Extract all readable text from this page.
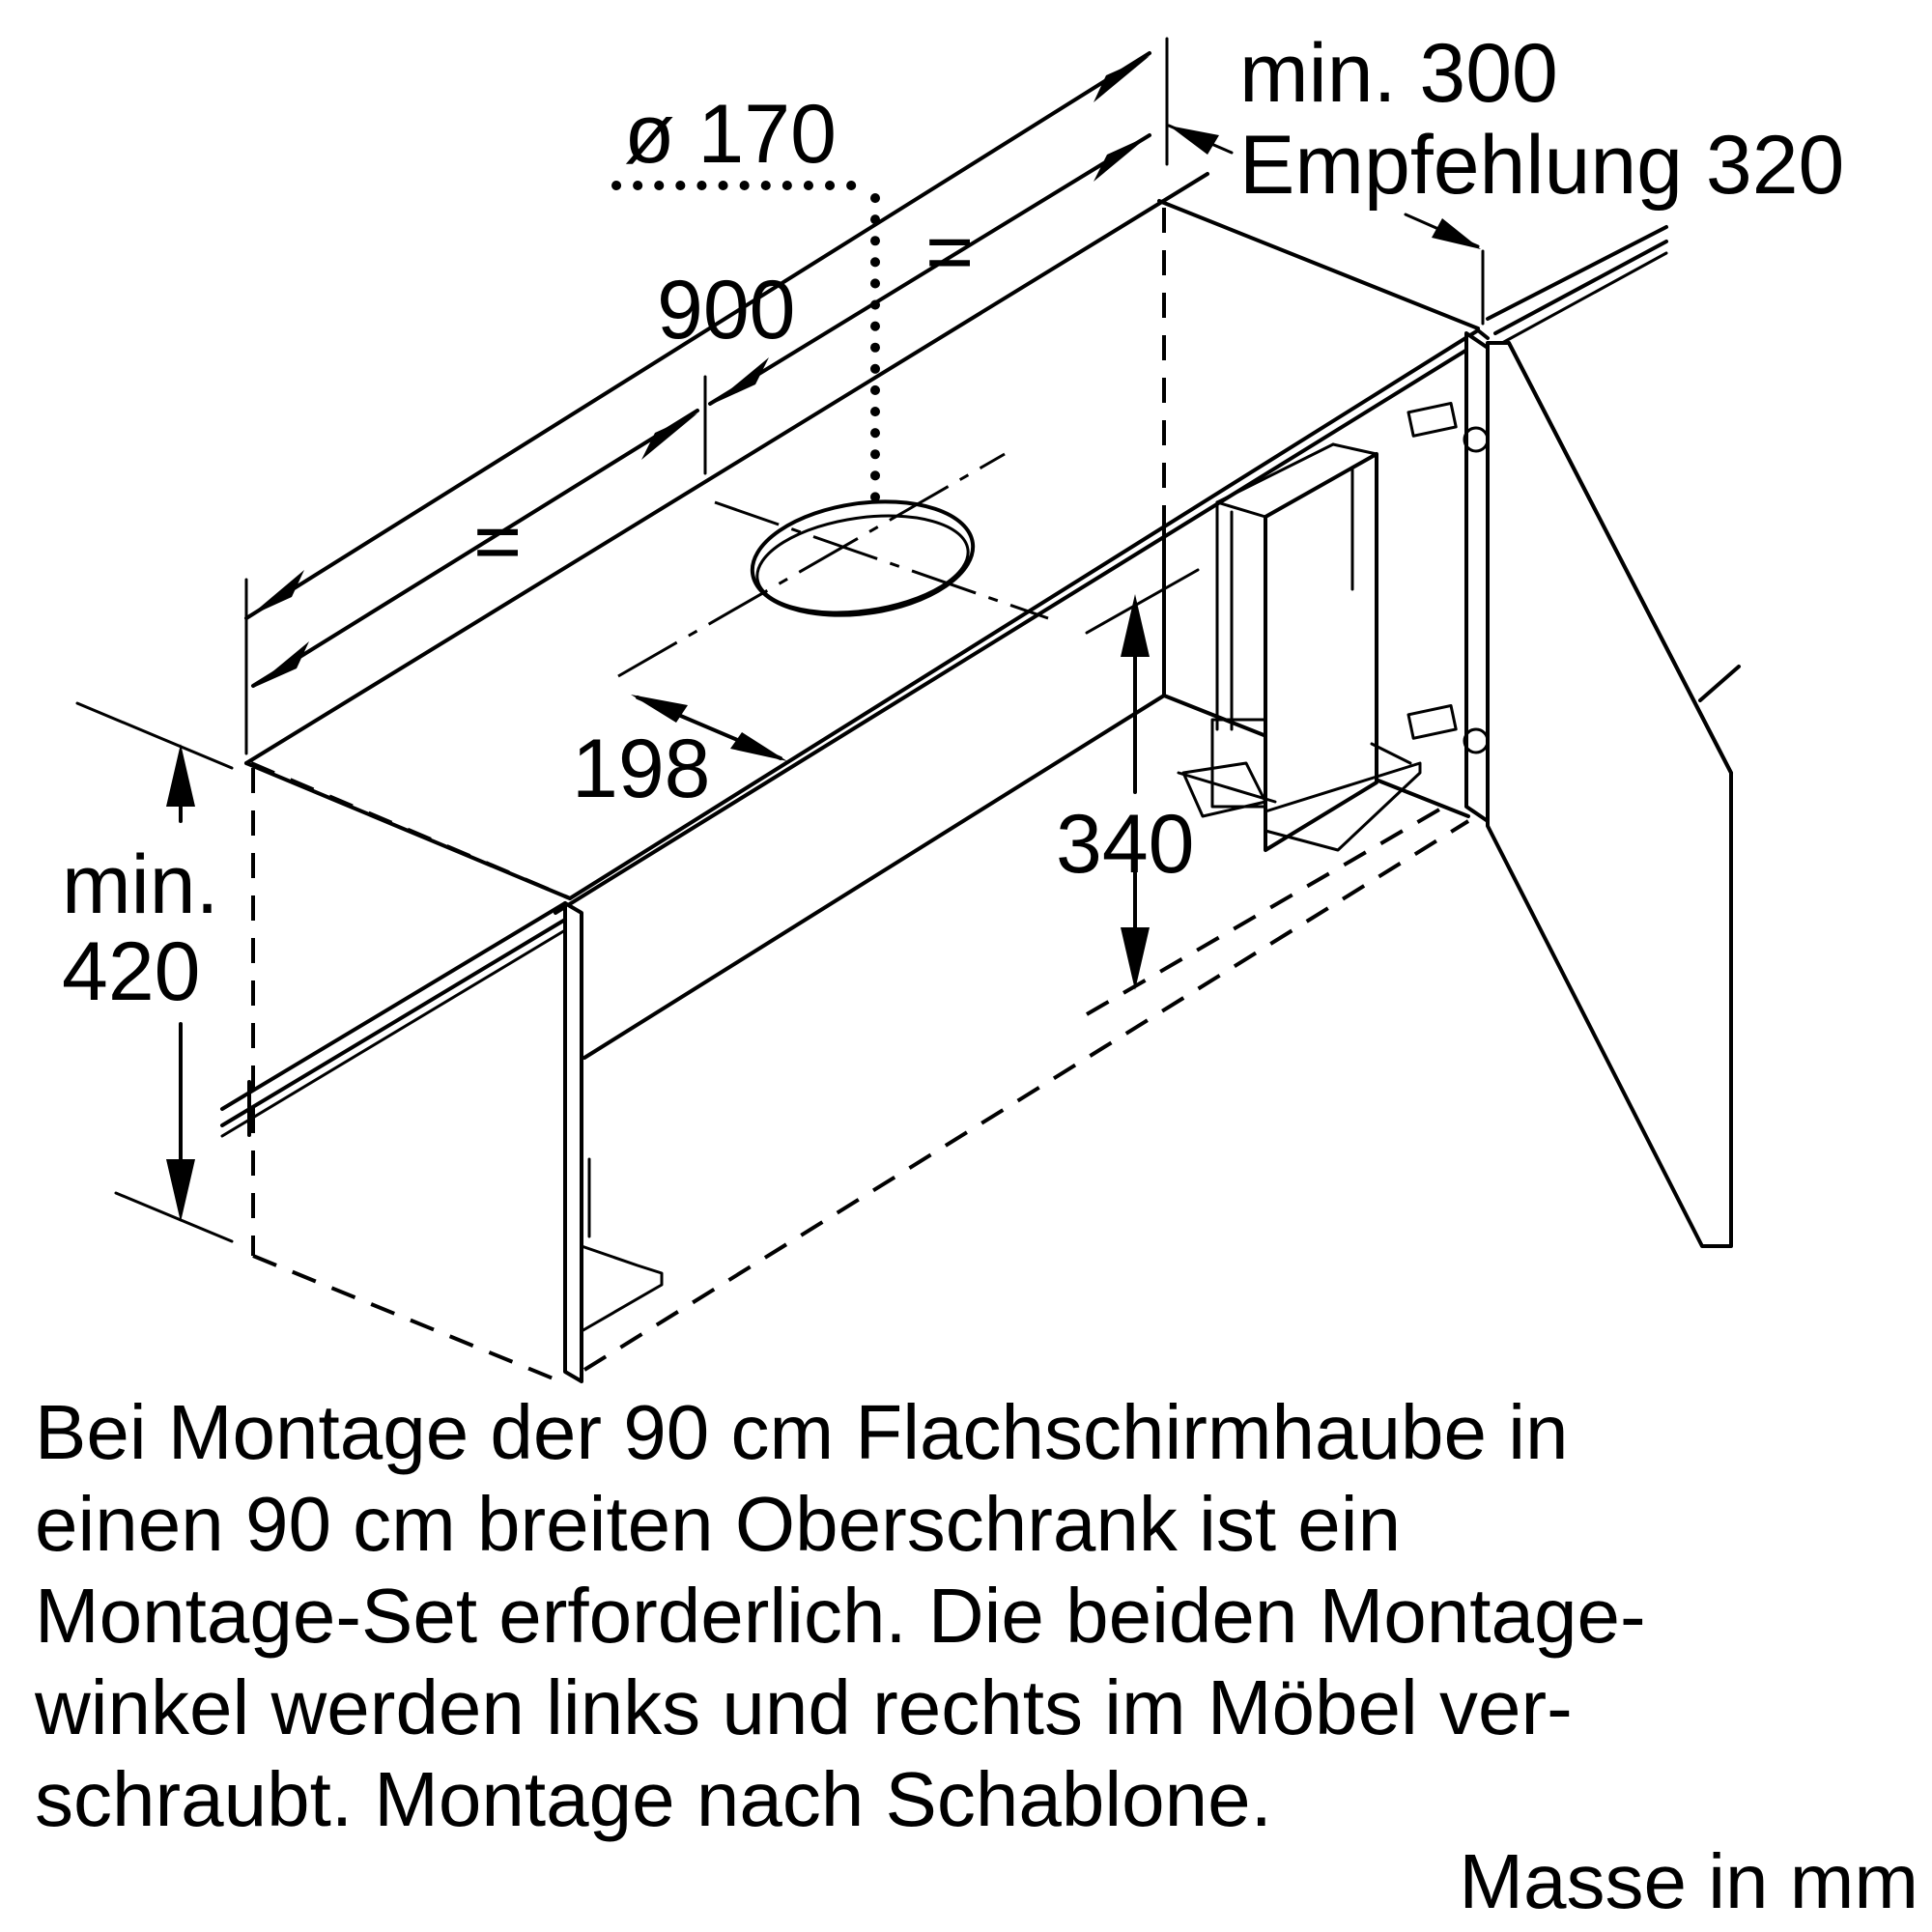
ø 170
900
=
=
198
340
min.
420
min. 300
Empfehlung 320
Bei Montage der 90 cm Flachschirmhaube in
einen 90 cm breiten Oberschrank ist ein
Montage-Set erforderlich. Die beiden Montage-
winkel werden links und rechts im Möbel ver-
schraubt. Montage nach Schablone.
Masse in mm
